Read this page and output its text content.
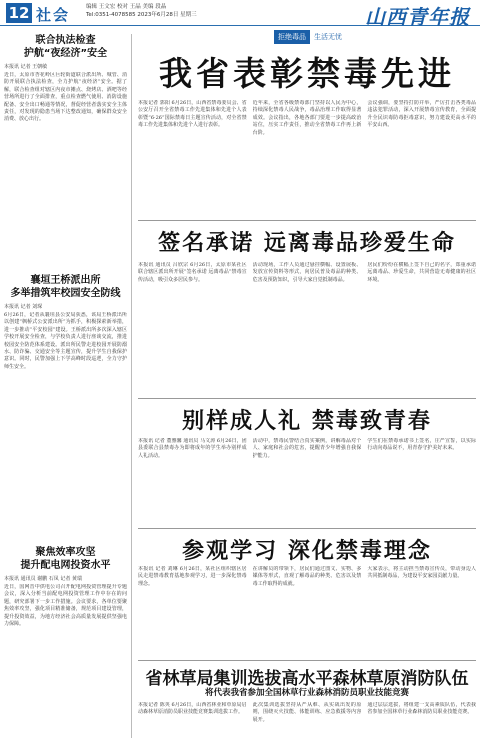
12 社会	编辑 王文宏 校对 王晶 美编 段晶
Tel:0351-4078585 2023年6月28日 星期三	山西青年报
联合执法检查
护航“夜经济”安全
本报讯 记者 王朝敏
近日，太原市杏花岭区巨轮街道联合派出所、城管、消防开展联合执法检查，全力护航“夜经济”安全。据了解，联合检查组对辖区内夜市摊点、烧烤店、酒吧等经营场所进行了全面排查，重点检查燃气使用、消防设施配备、安全出口畅通等情况，督促经营者落实安全主体责任，对发现的隐患当场下达整改通知，确保群众安全消费、放心出行。
襄垣王桥派出所
多举措筑牢校园安全防线
本报讯 记者 刘琛
6月26日，记者从襄垣县公安局获悉，该局王桥派出所以创建“枫桥式公安派出所”为抓手，积极探索新举措，进一步推动“平安校园”建设。王桥派出所多次深入辖区学校开展安全检查，与学校负责人进行座谈交流，推进校园安全防范体系建设。派出所民警走进校园开展防溺水、防诈骗、交通安全等主题宣传，提升学生自我保护意识。同时，民警加强上下学高峰时段巡逻，全力守护师生安全。
聚焦效率攻坚
提升配电网投资水平
本报讯 通讯员 谢鹏 石凤 记者 黄瑞
近日，国网晋中供电公司召开配电网投资管理提升专题会议，深入分析当前配电网投资管理工作中存在的问题，研究部署下一步工作措施。会议要求，各单位要聚焦效率攻坚，强化项目精准储备，规范项目建设管理，提升投资效益，为地方经济社会高质量发展提供坚强电力保障。
拒绝毒品 生活无忧
我省表彰禁毒先进
本报记者 郭阳 6月26日，山西省禁毒委员会、省公安厅召开全省禁毒工作先进集体和先进个人表彰暨“6·26”国际禁毒日主题宣传活动，对全省禁毒工作先进集体和先进个人进行表彰。
近年来，全省各级禁毒部门坚持以人民为中心，持续深化禁毒人民战争，毒品治理工作取得显著成效。会议指出，各地各部门要进一步提高政治站位，压实工作责任，推动全省禁毒工作再上新台阶。
会议强调，要坚持打防并举，严厉打击各类毒品违法犯罪活动，深入开展禁毒宣传教育，全面提升全民识毒防毒拒毒意识，努力建设更高水平的平安山西。
签名承诺 远离毒品珍爱生命
本报讯 通讯员 吕欣宗 6月26日，太原市某社区联合辖区派出所开展“签名承诺 远离毒品”禁毒宣传活动，吸引众多居民参与。
活动现场，工作人员通过悬挂横幅、设置展板、发放宣传资料等形式，向居民普及毒品的种类、危害及预防知识，引导大家自觉抵制毒品。
居民们纷纷在横幅上签下自己的名字，郑重承诺远离毒品、珍爱生命，共同营造无毒健康的社区环境。
别样成人礼 禁毒致青春
本报讯 记者 董雅馨 通讯员 马文涛 6月26日，团县委联合县禁毒办为即将成年的学生举办别样成人礼活动。
活动中，禁毒民警结合真实案例，讲解毒品对个人、家庭和社会的危害，提醒青少年增强自我保护能力。
学生们在禁毒承诺书上签名，庄严宣誓，以实际行动向毒品说不，用青春守护美好未来。
参观学习 深化禁毒理念
本报讯 记者 刘琳 6月26日，某社区组织辖区居民走进禁毒教育基地参观学习，进一步深化禁毒理念。
在讲解员的带领下，居民们通过图文、实物、多媒体等形式，直观了解毒品的种类、危害以及禁毒工作取得的成就。
大家表示，将主动担当禁毒宣传员，带动身边人共同抵制毒品，为建设平安家园贡献力量。
省林草局集训选拔高水平森林草原消防队伍
将代表我省参加全国林草行业森林消防员职业技能竞赛
本报记者 陈英 6月26日，山西省林业和草原局启动森林草原消防员职业技能竞赛集训选拔工作。
此次集训选拔坚持从严从难、从实战出发的原则，围绕灭火技能、体能训练、应急救援等内容展开。
通过层层选拔，将组建一支高素质队伍，代表我省参加全国林草行业森林消防员职业技能竞赛。
